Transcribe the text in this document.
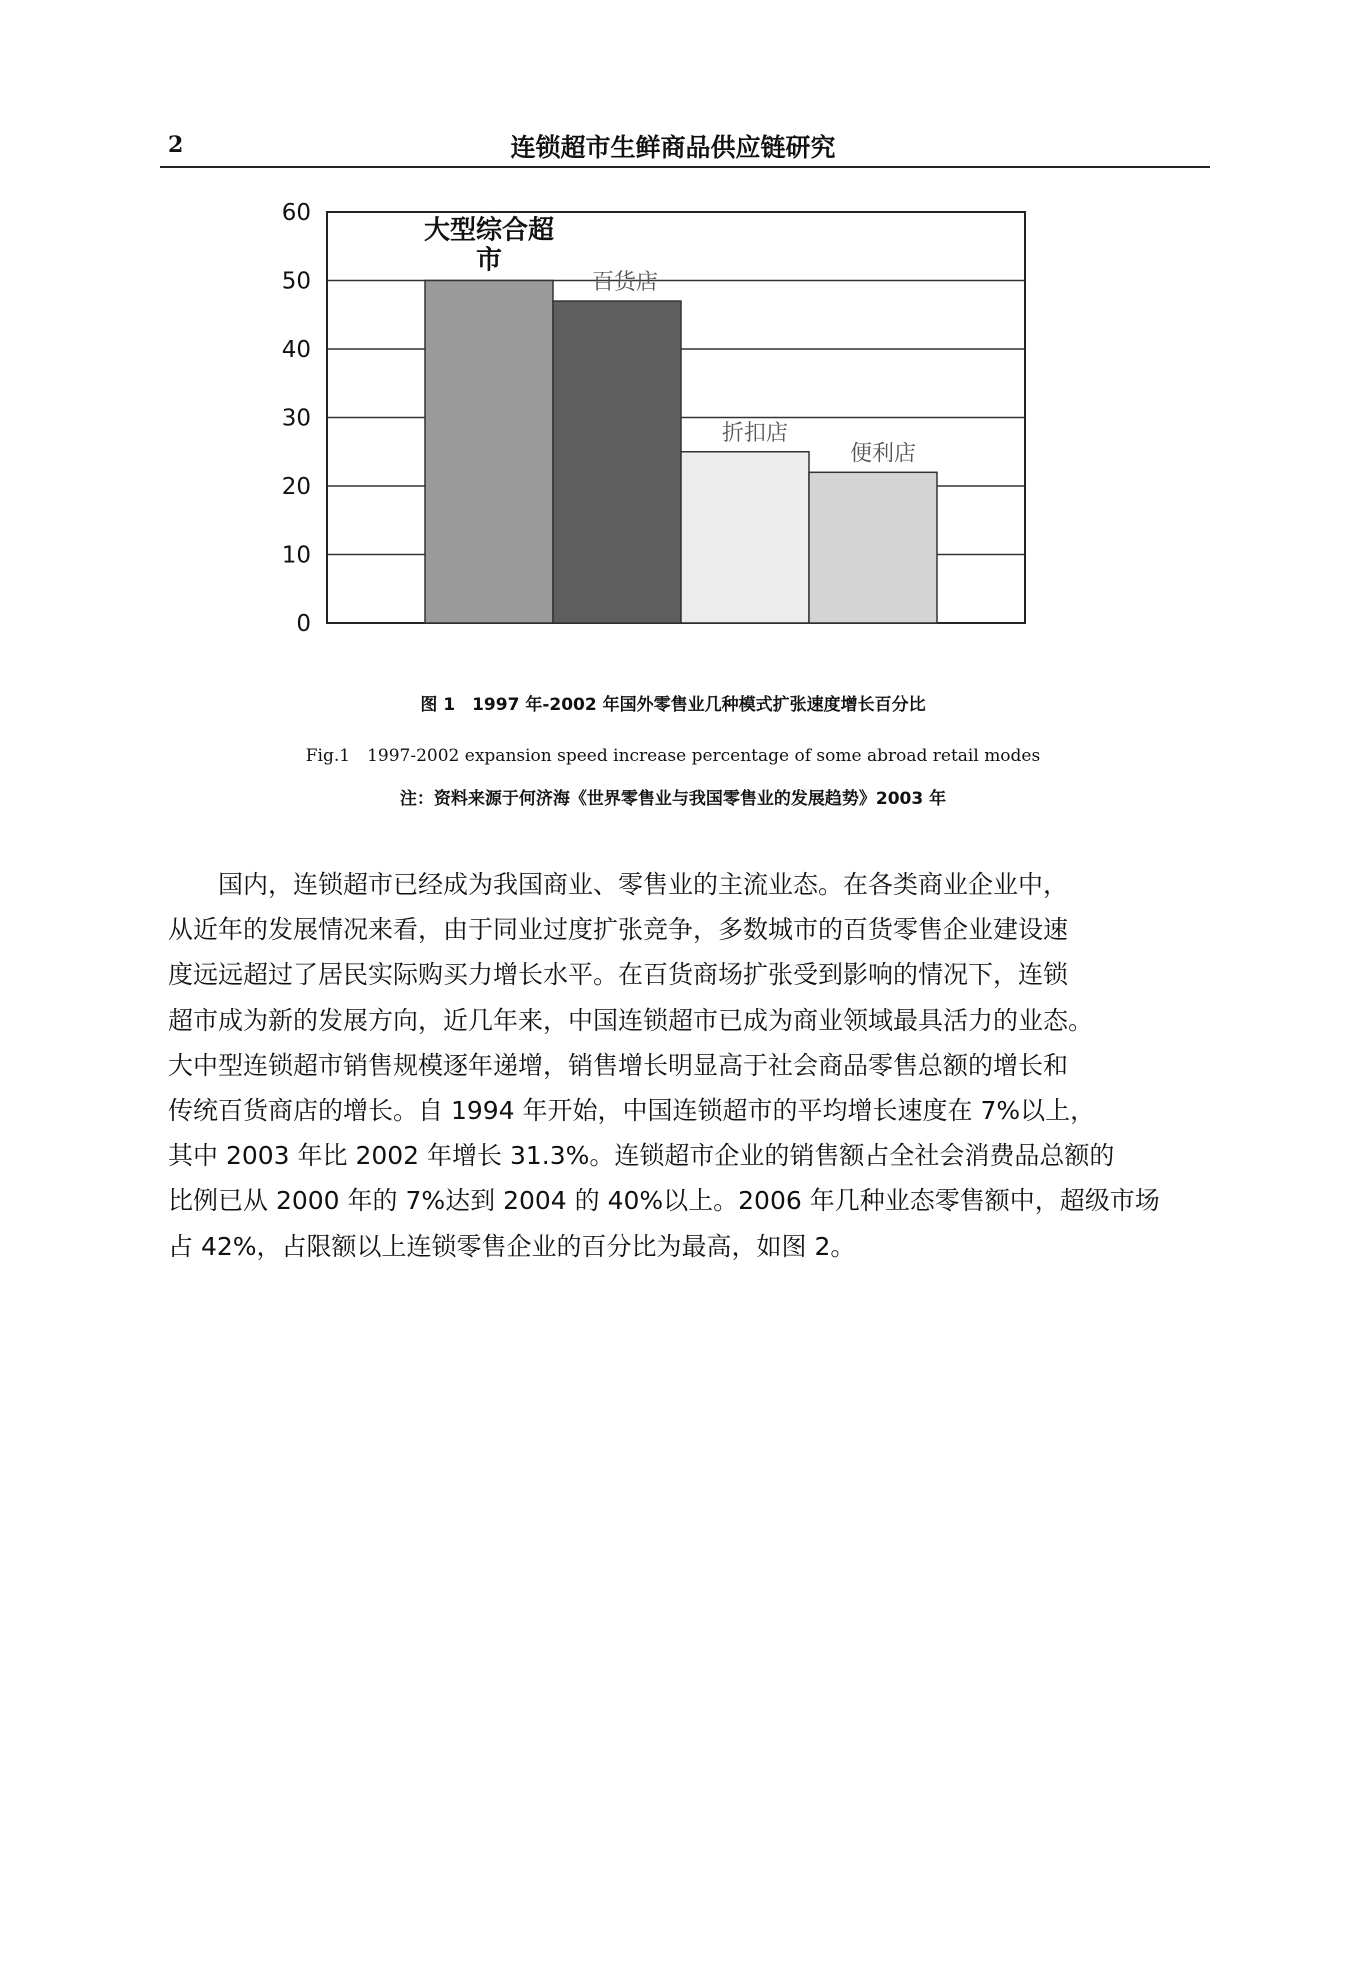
2	连锁超市生鲜商品供应链研究
0
10
20
30
40
50
60
大型综合超
市
百货店
折扣店
便利店
图 1　1997 年-2002 年国外零售业几种模式扩张速度增长百分比
Fig.1　1997-2002 expansion speed increase percentage of some abroad retail modes
注：资料来源于何济海《世界零售业与我国零售业的发展趋势》2003 年
　　国内，连锁超市已经成为我国商业、零售业的主流业态。在各类商业企业中，
从近年的发展情况来看，由于同业过度扩张竞争，多数城市的百货零售企业建设速
度远远超过了居民实际购买力增长水平。在百货商场扩张受到影响的情况下，连锁
超市成为新的发展方向，近几年来，中国连锁超市已成为商业领域最具活力的业态。
大中型连锁超市销售规模逐年递增，销售增长明显高于社会商品零售总额的增长和
传统百货商店的增长。自 1994 年开始，中国连锁超市的平均增长速度在 7%以上，
其中 2003 年比 2002 年增长 31.3%。连锁超市企业的销售额占全社会消费品总额的
比例已从 2000 年的 7%达到 2004 的 40%以上。2006 年几种业态零售额中，超级市场
占 42%，占限额以上连锁零售企业的百分比为最高，如图 2。
